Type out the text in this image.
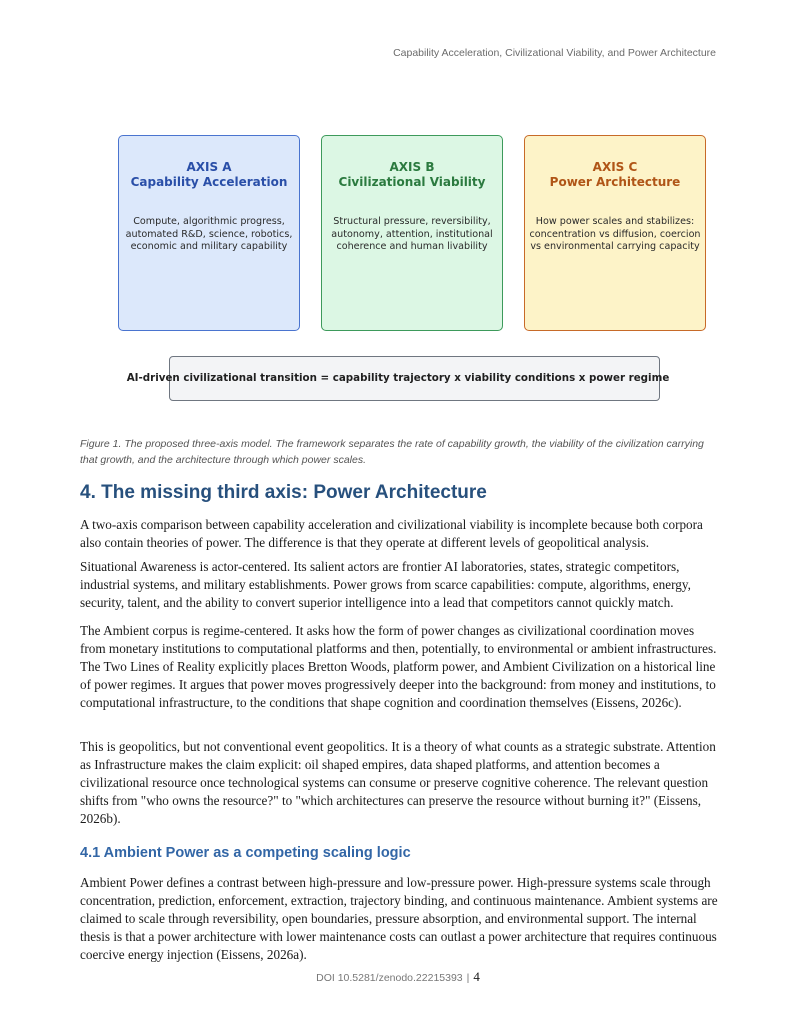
Capability Acceleration, Civilizational Viability, and Power Architecture
AXIS A
Capability Acceleration
Compute, algorithmic progress,
automated R&D, science, robotics,
economic and military capability
AXIS B
Civilizational Viability
Structural pressure, reversibility,
autonomy, attention, institutional
coherence and human livability
AXIS C
Power Architecture
How power scales and stabilizes:
concentration vs diffusion, coercion
vs environmental carrying capacity
AI-driven civilizational transition = capability trajectory x viability conditions x power regime
Figure 1. The proposed three-axis model. The framework separates the rate of capability growth, the viability of the civilization carrying that growth, and the architecture through which power scales.
4. The missing third axis: Power Architecture

A two-axis comparison between capability acceleration and civilizational viability is incomplete because both corpora also contain theories of power. The difference is that they operate at different levels of geopolitical analysis.

Situational Awareness is actor-centered. Its salient actors are frontier AI laboratories, states, strategic competitors, industrial systems, and military establishments. Power grows from scarce capabilities: compute, algorithms, energy, security, talent, and the ability to convert superior intelligence into a lead that competitors cannot quickly match.

The Ambient corpus is regime-centered. It asks how the form of power changes as civilizational coordination moves from monetary institutions to computational platforms and then, potentially, to environmental or ambient infrastructures. The Two Lines of Reality explicitly places Bretton Woods, platform power, and Ambient Civilization on a historical line of power regimes. It argues that power moves progressively deeper into the background: from money and institutions, to computational infrastructure, to the conditions that shape cognition and coordination themselves (Eissens, 2026c).

This is geopolitics, but not conventional event geopolitics. It is a theory of what counts as a strategic substrate. Attention as Infrastructure makes the claim explicit: oil shaped empires, data shaped platforms, and attention becomes a civilizational resource once technological systems can consume or preserve cognitive coherence. The relevant question shifts from "who owns the resource?" to "which architectures can preserve the resource without burning it?" (Eissens, 2026b).

4.1 Ambient Power as a competing scaling logic

Ambient Power defines a contrast between high-pressure and low-pressure power. High-pressure systems scale through concentration, prediction, enforcement, extraction, trajectory binding, and continuous maintenance. Ambient systems are claimed to scale through reversibility, open boundaries, pressure absorption, and environmental support. The internal thesis is that a power architecture with lower maintenance costs can outlast a power architecture that requires continuous coercive energy injection (Eissens, 2026a).

DOI 10.5281/zenodo.22215393 | 4
